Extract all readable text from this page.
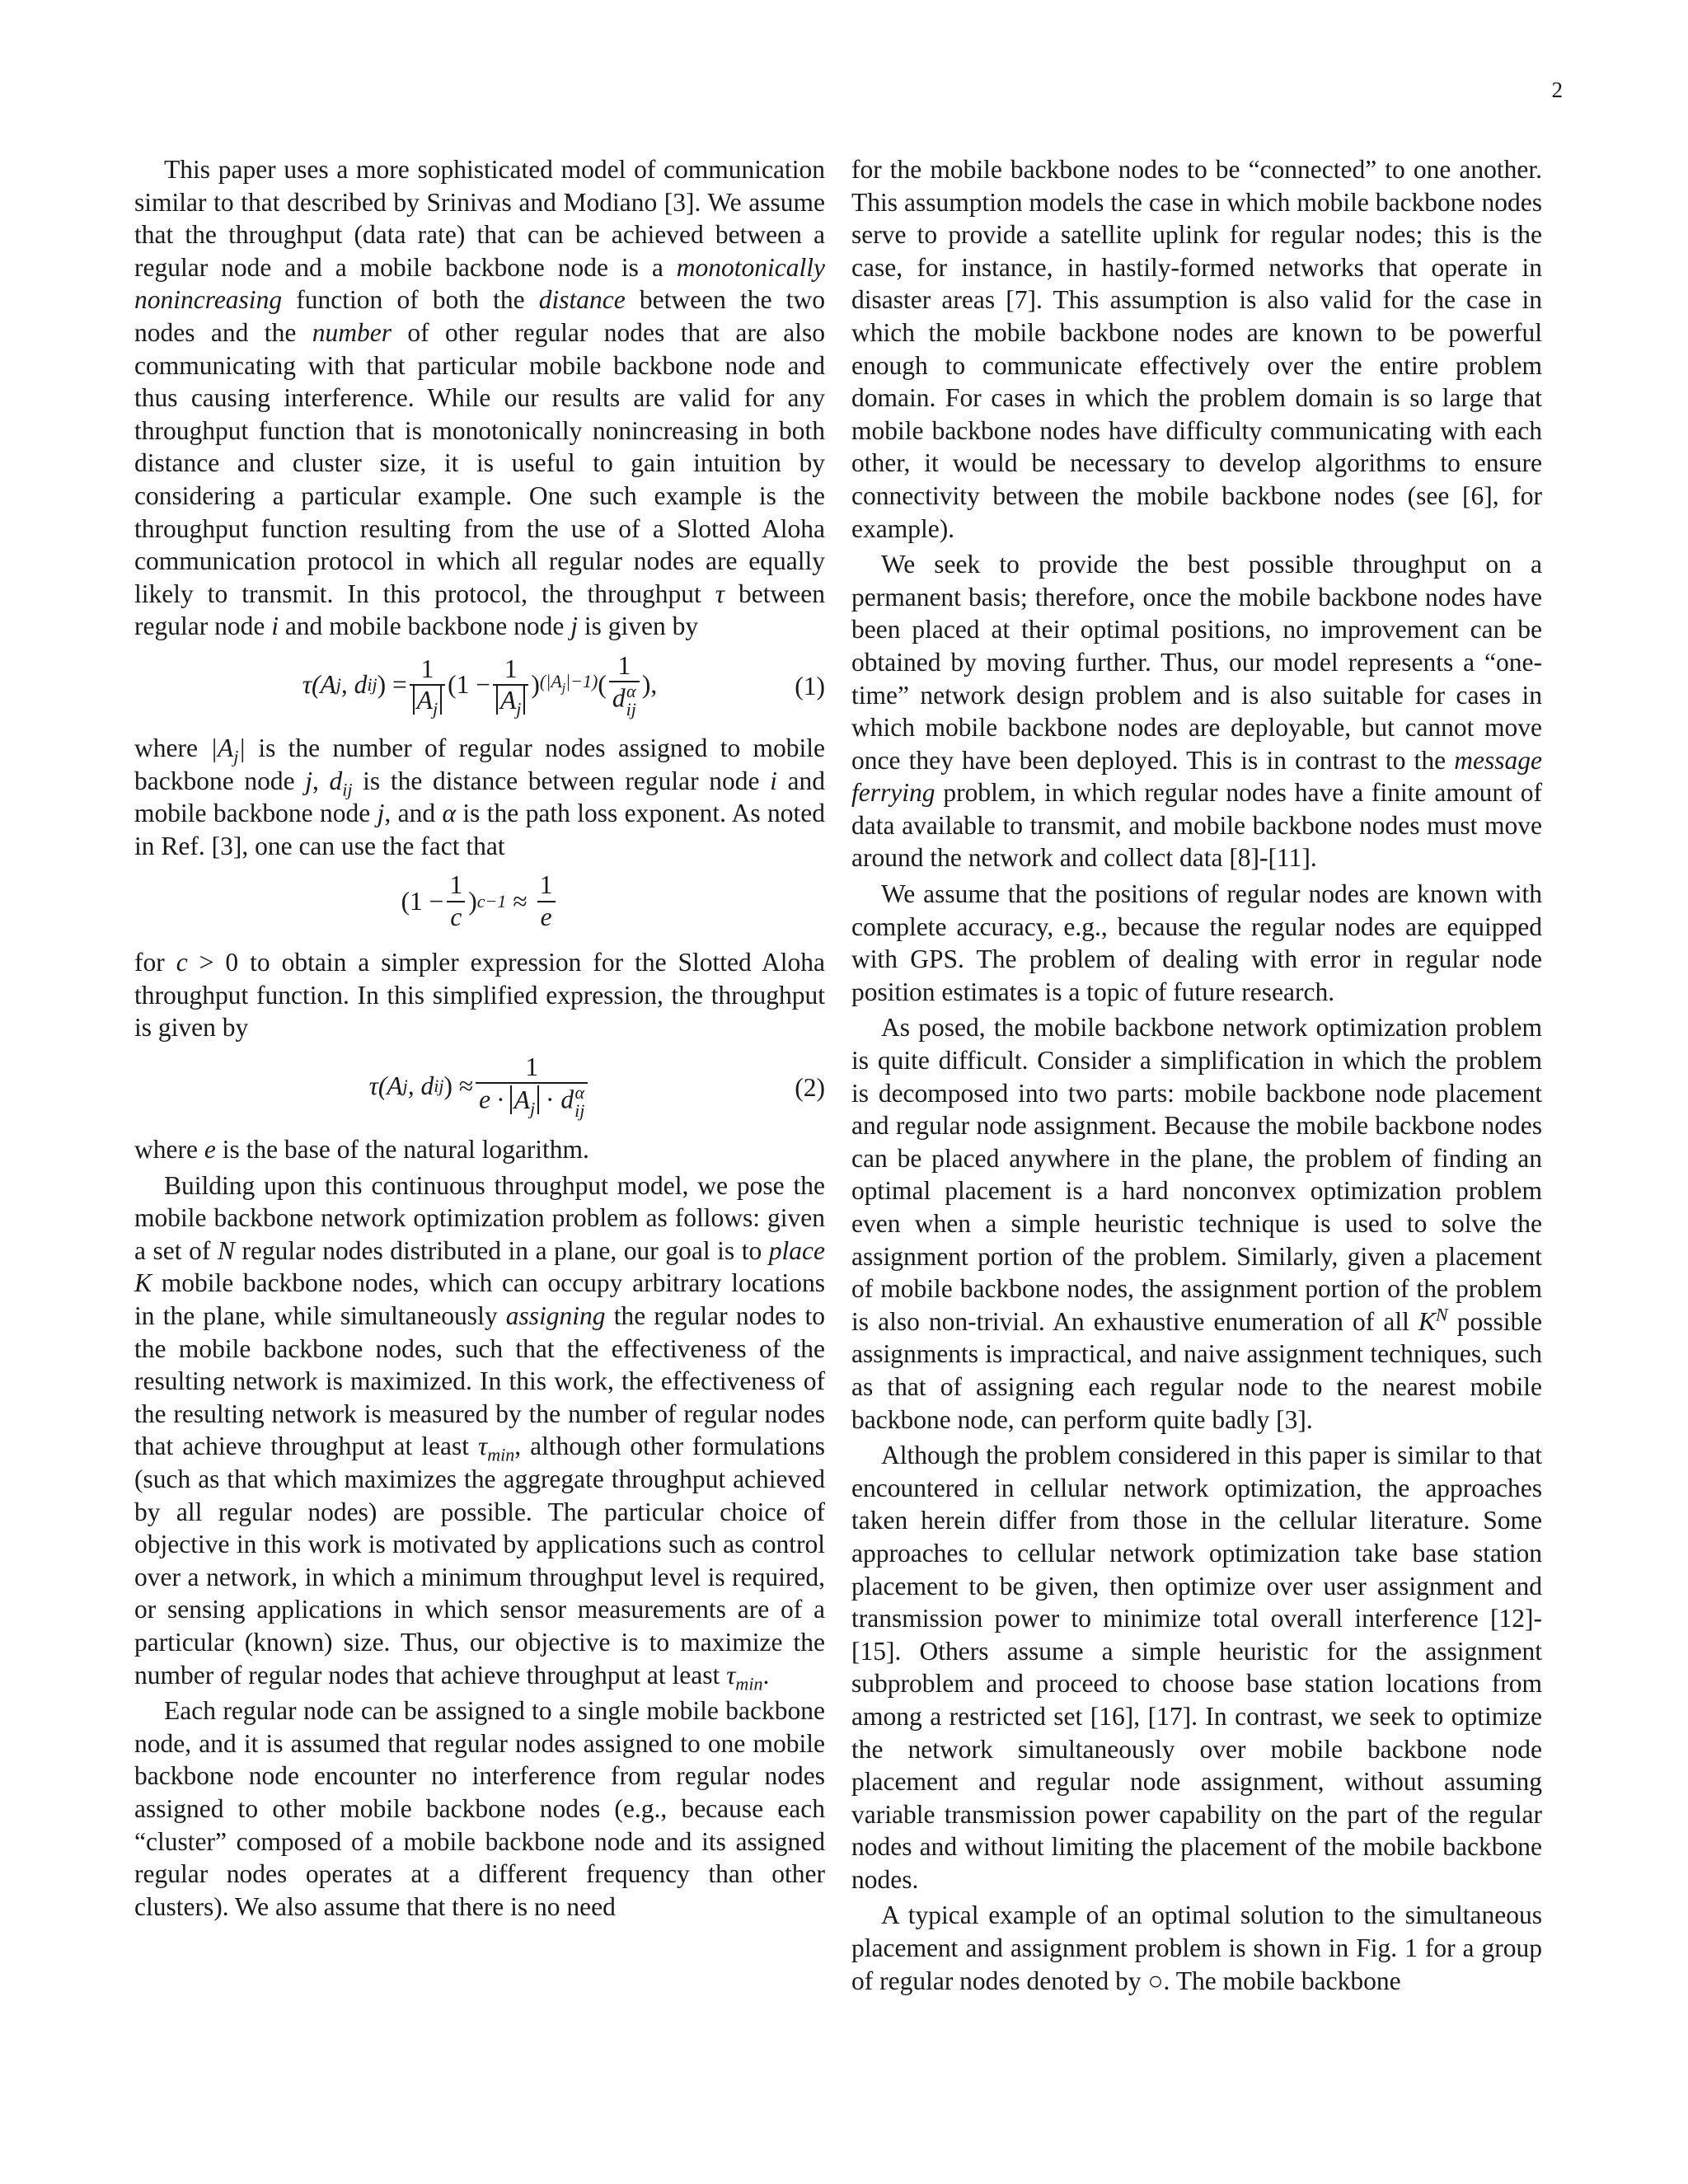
2

This paper uses a more sophisticated model of communication similar to that described by Srinivas and Modiano [3]. We assume that the throughput (data rate) that can be achieved between a regular node and a mobile backbone node is a monotonically nonincreasing function of both the distance between the two nodes and the number of other regular nodes that are also communicating with that particular mobile backbone node and thus causing interference. While our results are valid for any throughput function that is monotonically nonincreasing in both distance and cluster size, it is useful to gain intuition by considering a particular example. One such example is the throughput function resulting from the use of a Slotted Aloha communication protocol in which all regular nodes are equally likely to transmit. In this protocol, the throughput τ between regular node i and mobile backbone node j is given by

τ(A j , d ij ) = $\frac{1}{A_j} (1 - \frac{1}{A_j}$ ) $(|A_j|-1)$ ( 1
d α
ij ),	(1)

where $|A_j|$ is the number of regular nodes assigned to mobile backbone node j, $d_{ij}$ is the distance between regular node i and mobile backbone node j, and α is the path loss exponent. As noted in Ref. [3], one can use the fact that

($1 - \frac{1}{c}$ ) $c-1 \approx \frac{1}{e}$

for c > 0 to obtain a simpler expression for the Slotted Aloha throughput function. In this simplified expression, the throughput is given by

τ(A j , d ij ) ≈ 1
$e \cdot A_j \cdot d$ α
ij	(2)

where e is the base of the natural logarithm.

Building upon this continuous throughput model, we pose the mobile backbone network optimization problem as follows: given a set of N regular nodes distributed in a plane, our goal is to place K mobile backbone nodes, which can occupy arbitrary locations in the plane, while simultaneously assigning the regular nodes to the mobile backbone nodes, such that the effectiveness of the resulting network is maximized. In this work, the effectiveness of the resulting network is measured by the number of regular nodes that achieve throughput at least $\tau_{min}$, although other formulations (such as that which maximizes the aggregate throughput achieved by all regular nodes) are possible. The particular choice of objective in this work is motivated by applications such as control over a network, in which a minimum throughput level is required, or sensing applications in which sensor measurements are of a particular (known) size. Thus, our objective is to maximize the number of regular nodes that achieve throughput at least $\tau_{min}$.

Each regular node can be assigned to a single mobile backbone node, and it is assumed that regular nodes assigned to one mobile backbone node encounter no interference from regular nodes assigned to other mobile backbone nodes (e.g., because each “cluster” composed of a mobile backbone node and its assigned regular nodes operates at a different frequency than other clusters). We also assume that there is no need

for the mobile backbone nodes to be “connected” to one another. This assumption models the case in which mobile backbone nodes serve to provide a satellite uplink for regular nodes; this is the case, for instance, in hastily-formed networks that operate in disaster areas [7]. This assumption is also valid for the case in which the mobile backbone nodes are known to be powerful enough to communicate effectively over the entire problem domain. For cases in which the problem domain is so large that mobile backbone nodes have difficulty communicating with each other, it would be necessary to develop algorithms to ensure connectivity between the mobile backbone nodes (see [6], for example).

We seek to provide the best possible throughput on a permanent basis; therefore, once the mobile backbone nodes have been placed at their optimal positions, no improvement can be obtained by moving further. Thus, our model represents a “one-time” network design problem and is also suitable for cases in which mobile backbone nodes are deployable, but cannot move once they have been deployed. This is in contrast to the message ferrying problem, in which regular nodes have a finite amount of data available to transmit, and mobile backbone nodes must move around the network and collect data [8]-[11].

We assume that the positions of regular nodes are known with complete accuracy, e.g., because the regular nodes are equipped with GPS. The problem of dealing with error in regular node position estimates is a topic of future research.

As posed, the mobile backbone network optimization problem is quite difficult. Consider a simplification in which the problem is decomposed into two parts: mobile backbone node placement and regular node assignment. Because the mobile backbone nodes can be placed anywhere in the plane, the problem of finding an optimal placement is a hard nonconvex optimization problem even when a simple heuristic technique is used to solve the assignment portion of the problem. Similarly, given a placement of mobile backbone nodes, the assignment portion of the problem is also non-trivial. An exhaustive enumeration of all $K^N$ possible assignments is impractical, and naive assignment techniques, such as that of assigning each regular node to the nearest mobile backbone node, can perform quite badly [3].

Although the problem considered in this paper is similar to that encountered in cellular network optimization, the approaches taken herein differ from those in the cellular literature. Some approaches to cellular network optimization take base station placement to be given, then optimize over user assignment and transmission power to minimize total overall interference [12]-[15]. Others assume a simple heuristic for the assignment subproblem and proceed to choose base station locations from among a restricted set [16], [17]. In contrast, we seek to optimize the network simultaneously over mobile backbone node placement and regular node assignment, without assuming variable transmission power capability on the part of the regular nodes and without limiting the placement of the mobile backbone nodes.

A typical example of an optimal solution to the simultaneous placement and assignment problem is shown in Fig. 1 for a group of regular nodes denoted by ○. The mobile backbone
